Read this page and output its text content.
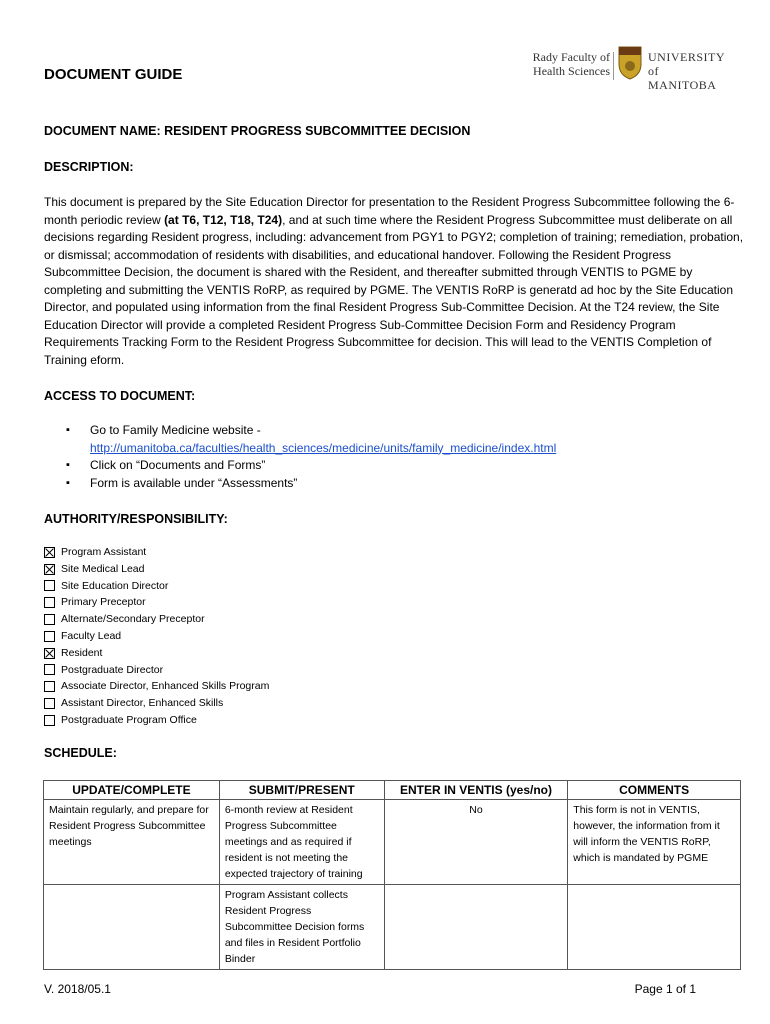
DOCUMENT GUIDE
Rady Faculty of
Health Sciences
UNIVERSITY
of MANITOBA
DOCUMENT NAME: RESIDENT PROGRESS SUBCOMMITTEE DECISION
DESCRIPTION:
This document is prepared by the Site Education Director for presentation to the Resident Progress Subcommittee following the 6-month periodic review (at T6, T12, T18, T24), and at such time where the Resident Progress Subcommittee must deliberate on all decisions regarding Resident progress, including: advancement from PGY1 to PGY2; completion of training; remediation, probation, or dismissal; accommodation of residents with disabilities, and educational handover. Following the Resident Progress Subcommittee Decision, the document is shared with the Resident, and thereafter submitted through VENTIS to PGME by completing and submitting the VENTIS RoRP, as required by PGME. The VENTIS RoRP is generatd ad hoc by the Site Education Director, and populated using information from the final Resident Progress Sub-Committee Decision. At the T24 review, the Site Education Director will provide a completed Resident Progress Sub-Committee Decision Form and Residency Program Requirements Tracking Form to the Resident Progress Subcommittee for decision. This will lead to the VENTIS Completion of Training eform.
ACCESS TO DOCUMENT:
▪ Go to Family Medicine website -
http://umanitoba.ca/faculties/health_sciences/medicine/units/family_medicine/index.html
▪ Click on “Documents and Forms”
▪ Form is available under “Assessments”
AUTHORITY/RESPONSIBILITY:
Program Assistant
Site Medical Lead
Site Education Director
Primary Preceptor
Alternate/Secondary Preceptor
Faculty Lead
Resident
Postgraduate Director
Associate Director, Enhanced Skills Program
Assistant Director, Enhanced Skills
Postgraduate Program Office
SCHEDULE:
UPDATE/COMPLETE	SUBMIT/PRESENT	ENTER IN VENTIS (yes/no)	COMMENTS
Maintain regularly, and prepare for Resident Progress Subcommittee meetings	6-month review at Resident Progress Subcommittee meetings and as required if resident is not meeting the expected trajectory of training	No	This form is not in VENTIS, however, the information from it will inform the VENTIS RoRP, which is mandated by PGME
	Program Assistant collects Resident Progress Subcommittee Decision forms and files in Resident Portfolio Binder		
V. 2018/05.1	Page 1 of 1
